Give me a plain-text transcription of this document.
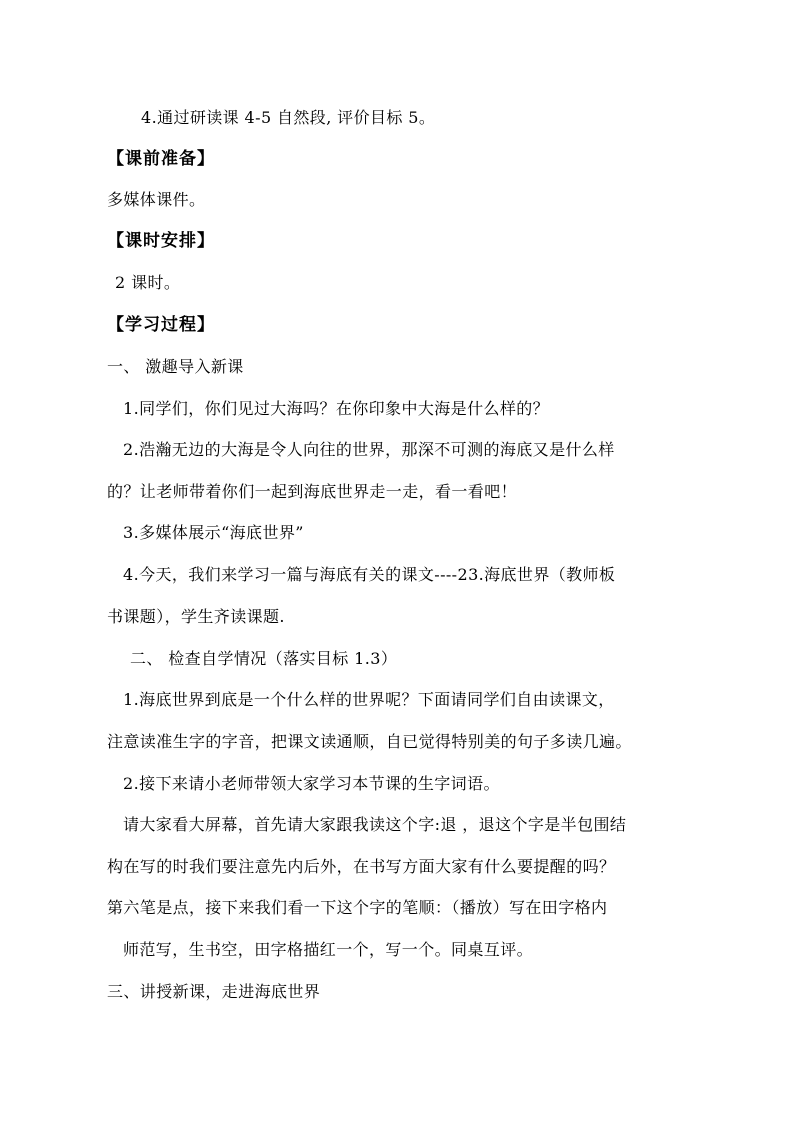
4.通过研读课 4-5 自然段, 评价目标 5。
【课前准备】
多媒体课件。
【课时安排】
2 课时。
【学习过程】
一、 激趣导入新课
1.同学们，你们见过大海吗？在你印象中大海是什么样的？
2.浩瀚无边的大海是令人向往的世界，那深不可测的海底又是什么样
的？让老师带着你们一起到海底世界走一走，看一看吧！
3.多媒体展示“海底世界”
4.今天，我们来学习一篇与海底有关的课文----23.海底世界（教师板
书课题），学生齐读课题.
二、 检查自学情况（落实目标 1.3）
1.海底世界到底是一个什么样的世界呢？下面请同学们自由读课文，
注意读准生字的字音，把课文读通顺，自已觉得特别美的句子多读几遍。
2.接下来请小老师带领大家学习本节课的生字词语。
请大家看大屏幕，首先请大家跟我读这个字:退 ，退这个字是半包围结
构在写的时我们要注意先内后外，在书写方面大家有什么要提醒的吗？
第六笔是点，接下来我们看一下这个字的笔顺：（播放）写在田字格内
师范写，生书空，田字格描红一个，写一个。同桌互评。
三、讲授新课，走进海底世界
